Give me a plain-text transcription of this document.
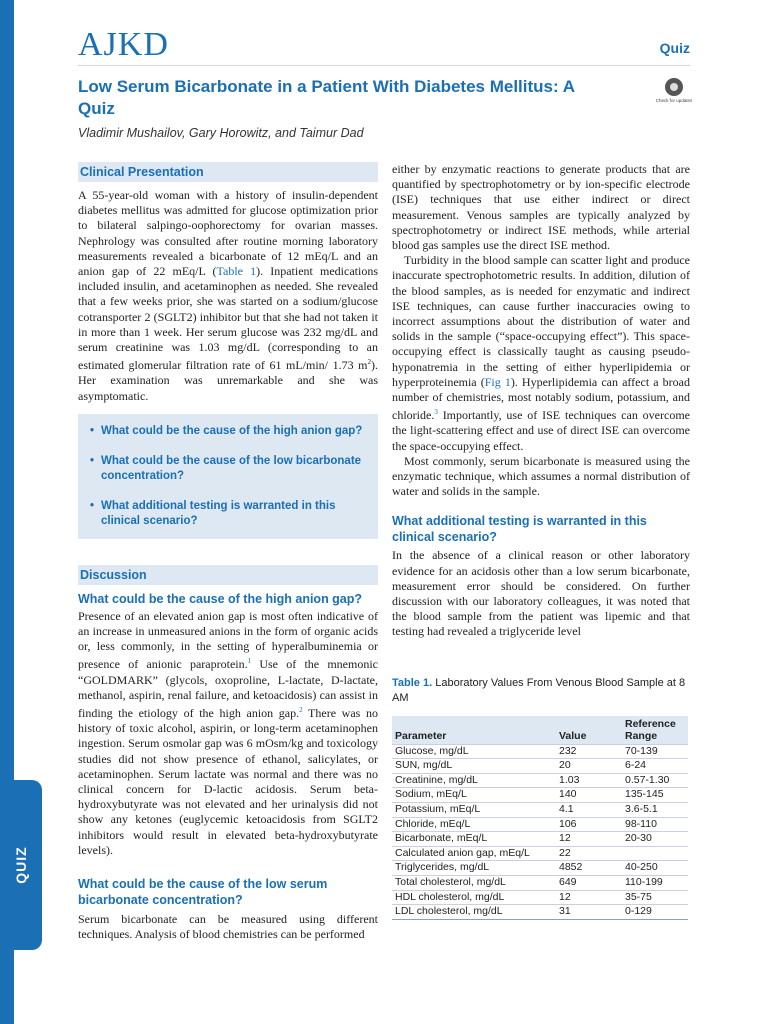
QUIZ
AJKD	Quiz
Low Serum Bicarbonate in a Patient With Diabetes Mellitus: A Quiz
Vladimir Mushailov, Gary Horowitz, and Taimur Dad
Check for updates
Clinical Presentation

A 55-year-old woman with a history of insulin-dependent diabetes mellitus was admitted for glucose optimization prior to bilateral salpingo-oophorectomy for ovarian masses. Nephrology was consulted after routine morning laboratory measurements revealed a bicarbonate of 12 mEq/L and an anion gap of 22 mEq/L (Table 1). Inpatient medications included insulin, and acetaminophen as needed. She revealed that a few weeks prior, she was started on a sodium/glucose cotransporter 2 (SGLT2) inhibitor but that she had not taken it in more than 1 week. Her serum glucose was 232 mg/dL and serum creatinine was 1.03 mg/dL (corresponding to an estimated glomerular filtration rate of 61 mL/min/ 1.73 $m^2$). Her examination was unremarkable and she was asymptomatic.

• What could be the cause of the high anion gap?
• What could be the cause of the low bicarbonate concentration?
• What additional testing is warranted in this clinical scenario?
Discussion
What could be the cause of the high anion gap?

Presence of an elevated anion gap is most often indicative of an increase in unmeasured anions in the form of organic acids or, less commonly, in the setting of hyperalbuminemia or presence of anionic paraprotein.$^1$ Use of the mnemonic “GOLDMARK” (glycols, oxoproline, L-lactate, D-lactate, methanol, aspirin, renal failure, and ketoacidosis) can assist in finding the etiology of the high anion gap.$^2$ There was no history of toxic alcohol, aspirin, or long-term acetaminophen ingestion. Serum osmolar gap was 6 mOsm/kg and toxicology studies did not show presence of ethanol, salicylates, or acetaminophen. Serum lactate was normal and there was no clinical concern for D-lactic acidosis. Serum beta-hydroxybutyrate was not elevated and her urinalysis did not show any ketones (euglycemic ketoacidosis from SGLT2 inhibitors would result in elevated beta-hydroxybutyrate levels).

What could be the cause of the low serum bicarbonate concentration?

Serum bicarbonate can be measured using different techniques. Analysis of blood chemistries can be performed

either by enzymatic reactions to generate products that are quantified by spectrophotometry or by ion-specific electrode (ISE) techniques that use either indirect or direct measurement. Venous samples are typically analyzed by spectrophotometry or indirect ISE methods, while arterial blood gas samples use the direct ISE method.

Turbidity in the blood sample can scatter light and produce inaccurate spectrophotometric results. In addition, dilution of the blood samples, as is needed for enzymatic and indirect ISE techniques, can cause further inaccuracies owing to incorrect assumptions about the distribution of water and solids in the sample (“space-occupying effect”). This space-occupying effect is classically taught as causing pseudo-hyponatremia in the setting of either hyperlipidemia or hyperproteinemia (Fig 1). Hyperlipidemia can affect a broad number of chemistries, most notably sodium, potassium, and chloride.$^3$ Importantly, use of ISE techniques can overcome the light-scattering effect and use of direct ISE can overcome the space-occupying effect.

Most commonly, serum bicarbonate is measured using the enzymatic technique, which assumes a normal distribution of water and solids in the sample.

What additional testing is warranted in this clinical scenario?

In the absence of a clinical reason or other laboratory evidence for an acidosis other than a low serum bicarbonate, measurement error should be considered. On further discussion with our laboratory colleagues, it was noted that the blood sample from the patient was lipemic and that testing had revealed a triglyceride level

Table 1. Laboratory Values From Venous Blood Sample at 8 AM
Parameter	Value	Reference Range
Glucose, mg/dL	232	70-139
SUN, mg/dL	20	6-24
Creatinine, mg/dL	1.03	0.57-1.30
Sodium, mEq/L	140	135-145
Potassium, mEq/L	4.1	3.6-5.1
Chloride, mEq/L	106	98-110
Bicarbonate, mEq/L	12	20-30
Calculated anion gap, mEq/L	22	
Triglycerides, mg/dL	4852	40-250
Total cholesterol, mg/dL	649	110-199
HDL cholesterol, mg/dL	12	35-75
LDL cholesterol, mg/dL	31	0-129
